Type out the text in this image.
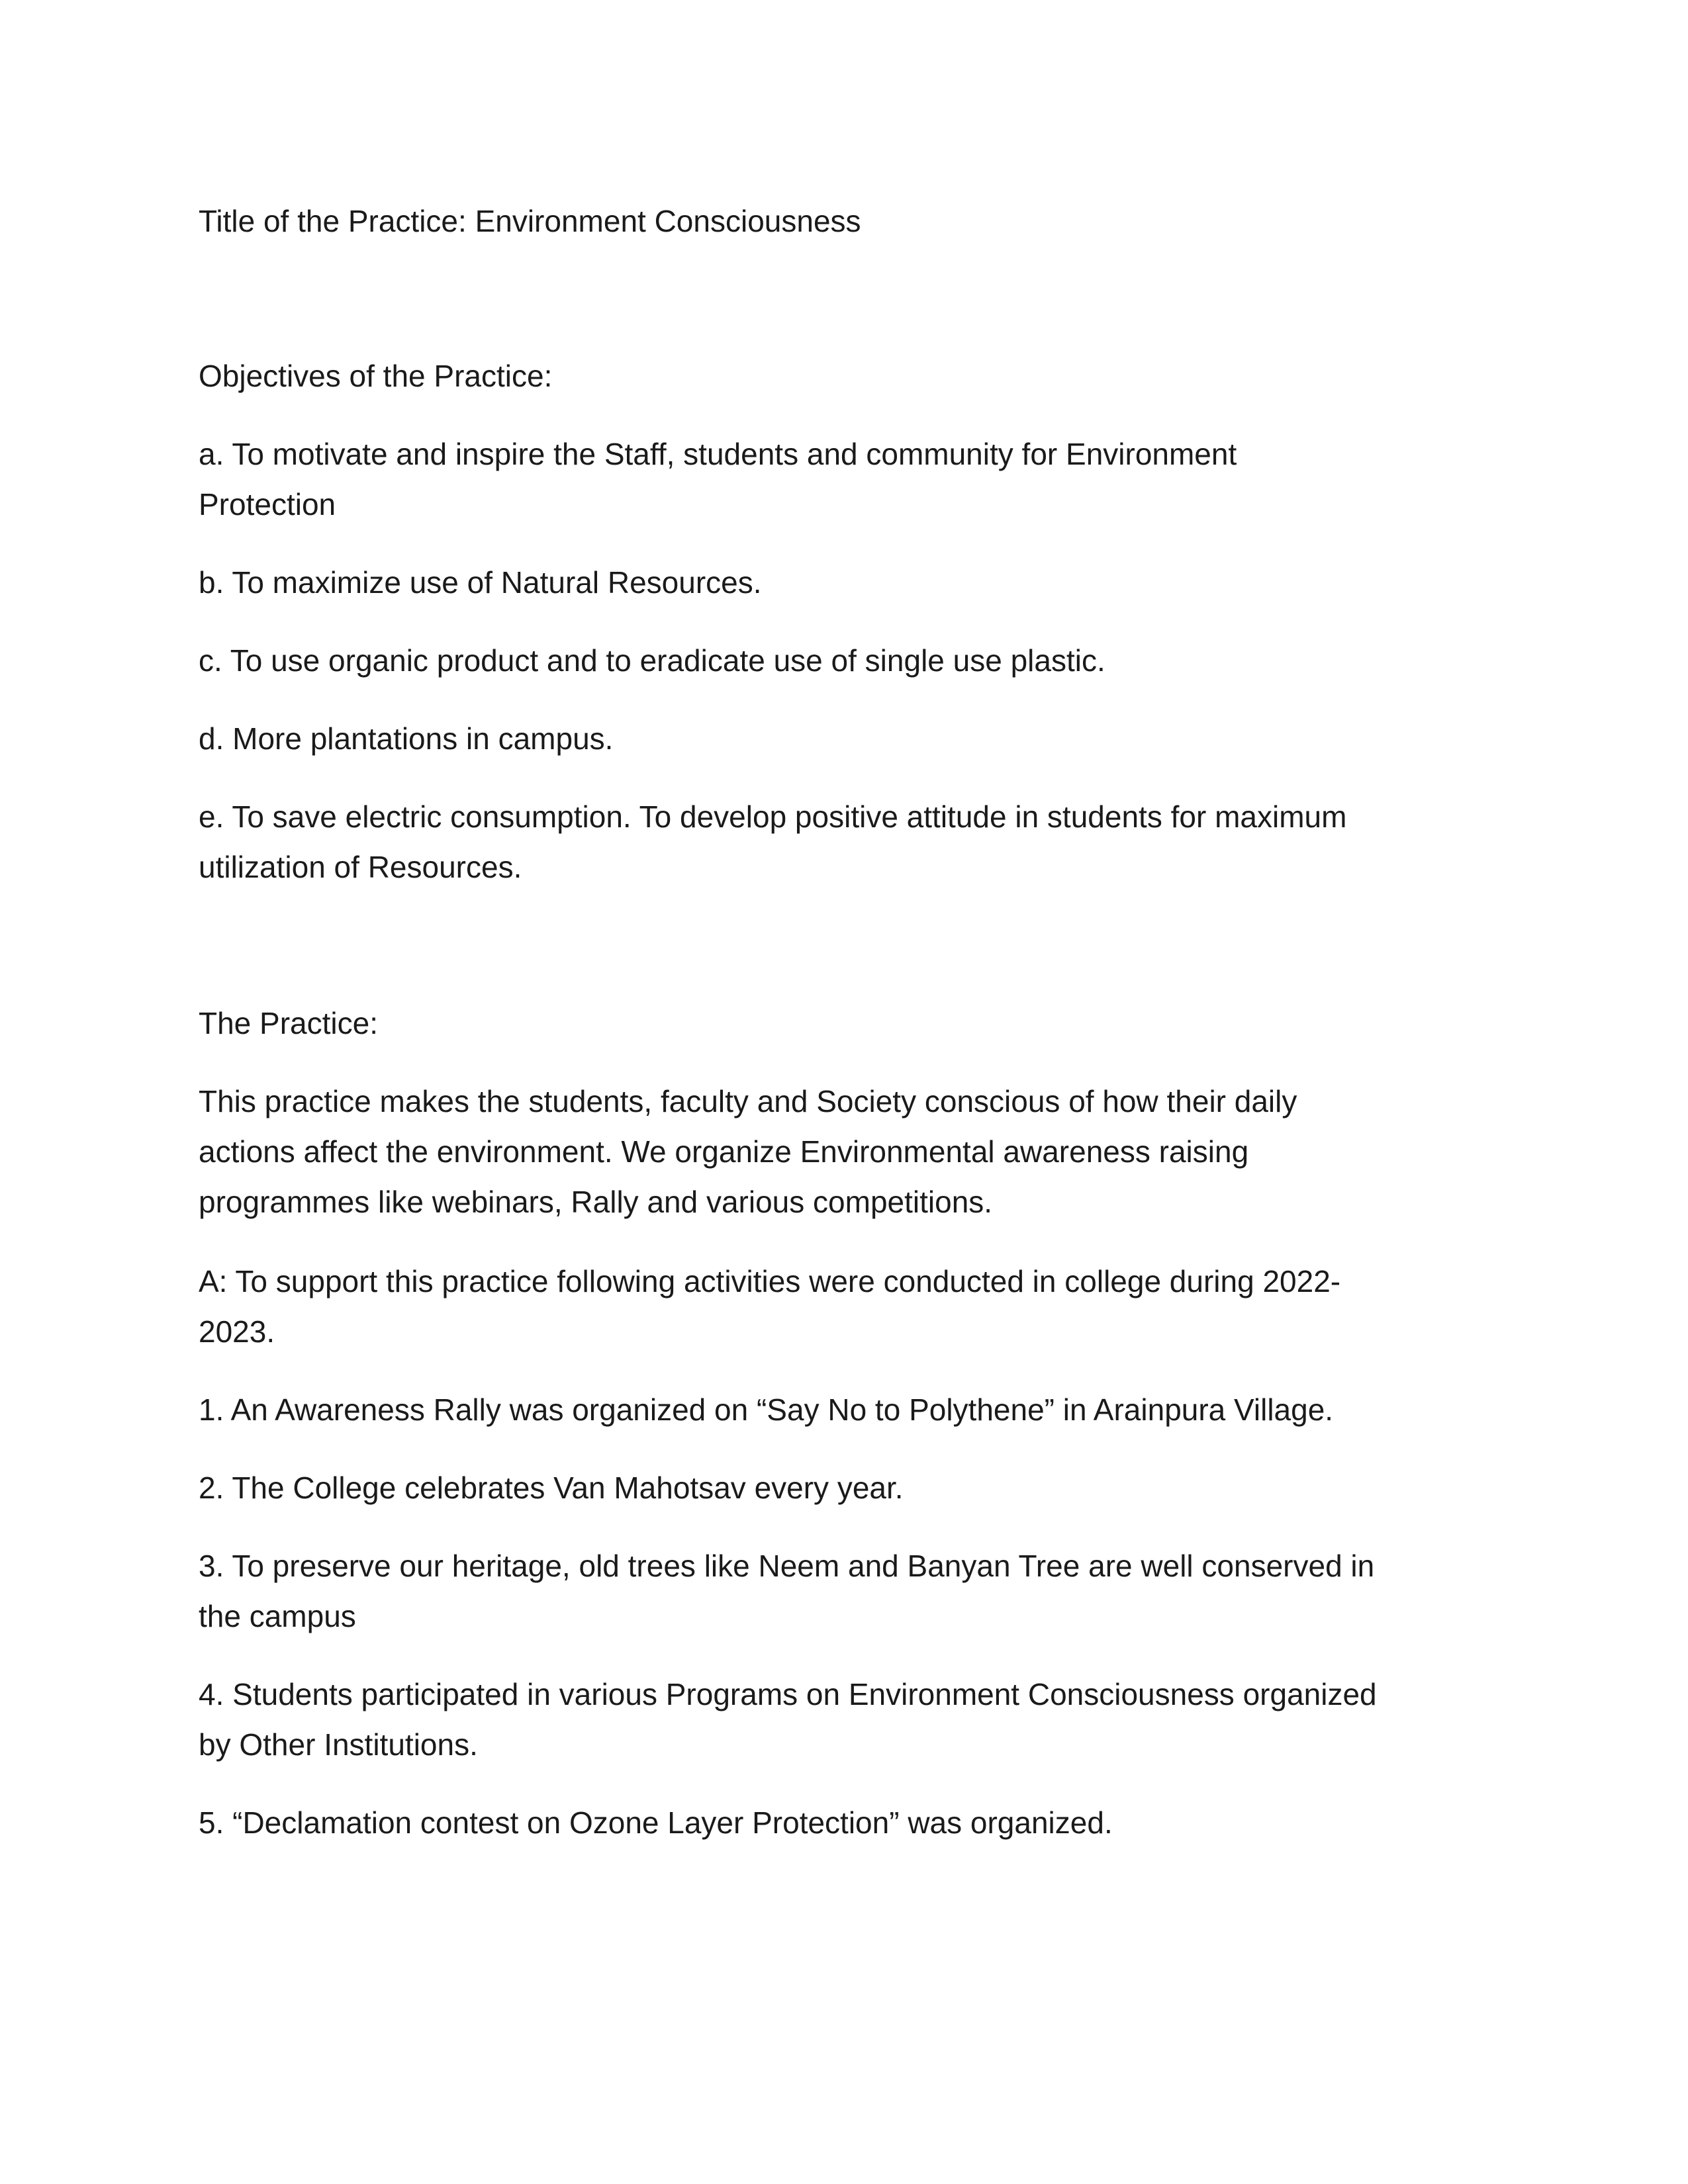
Title of the Practice: Environment Consciousness

Objectives of the Practice:

a. To motivate and inspire the Staff, students and community for Environment
Protection
b. To maximize use of Natural Resources.
c. To use organic product and to eradicate use of single use plastic.
d. More plantations in campus.
e. To save electric consumption. To develop positive attitude in students for maximum
utilization of Resources.

The Practice:

This practice makes the students, faculty and Society conscious of how their daily
actions affect the environment. We organize Environmental awareness raising
programmes like webinars, Rally and various competitions.
A: To support this practice following activities were conducted in college during 2022-
2023.
1. An Awareness Rally was organized on “Say No to Polythene” in Arainpura Village.
2. The College celebrates Van Mahotsav every year.
3. To preserve our heritage, old trees like Neem and Banyan Tree are well conserved in
the campus
4. Students participated in various Programs on Environment Consciousness organized
by Other Institutions.
5. “Declamation contest on Ozone Layer Protection” was organized.
